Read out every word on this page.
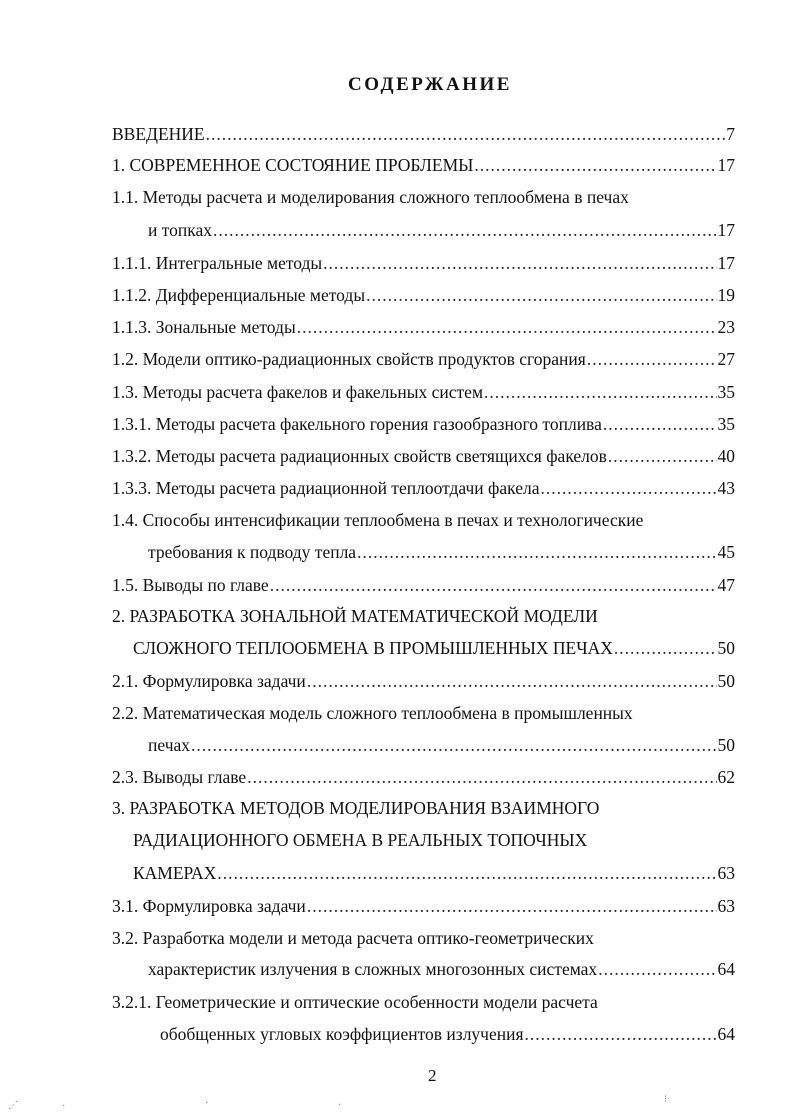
СОДЕРЖАНИЕ
ВВЕДЕНИЕ .....	7
1. СОВРЕМЕННОЕ СОСТОЯНИЕ ПРОБЛЕМЫ .....	17
1.1. Методы расчета и моделирования сложного теплообмена в печах
и топках .....	17
1.1.1. Интегральные методы .....	17
1.1.2. Дифференциальные методы .....	19
1.1.3. Зональные методы .....	23
1.2. Модели оптико-радиационных свойств продуктов сгорания .....	27
1.3. Методы расчета факелов и факельных систем .....	35
1.3.1. Методы расчета факельного горения газообразного топлива .....	35
1.3.2. Методы расчета радиационных свойств светящихся факелов .....	40
1.3.3. Методы расчета радиационной теплоотдачи факела .....	43
1.4. Способы интенсификации теплообмена в печах и технологические
требования к подводу тепла .....	45
1.5. Выводы по главе .....	47
2. РАЗРАБОТКА ЗОНАЛЬНОЙ МАТЕМАТИЧЕСКОЙ МОДЕЛИ
СЛОЖНОГО ТЕПЛООБМЕНА В ПРОМЫШЛЕННЫХ ПЕЧАХ .....	50
2.1. Формулировка задачи .....	50
2.2. Математическая модель сложного теплообмена в промышленных
печах .....	50
2.3. Выводы главе .....	62
3. РАЗРАБОТКА МЕТОДОВ МОДЕЛИРОВАНИЯ ВЗАИМНОГО
РАДИАЦИОННОГО ОБМЕНА В РЕАЛЬНЫХ ТОПОЧНЫХ
КАМЕРАХ .....	63
3.1. Формулировка задачи .....	63
3.2. Разработка модели и метода расчета оптико-геометрических
характеристик излучения в сложных многозонных системах .....	64
3.2.1. Геометрические и оптические особенности модели расчета
обобщенных угловых коэффициентов излучения .....	64
2
⋰	·	·	·
⁝
